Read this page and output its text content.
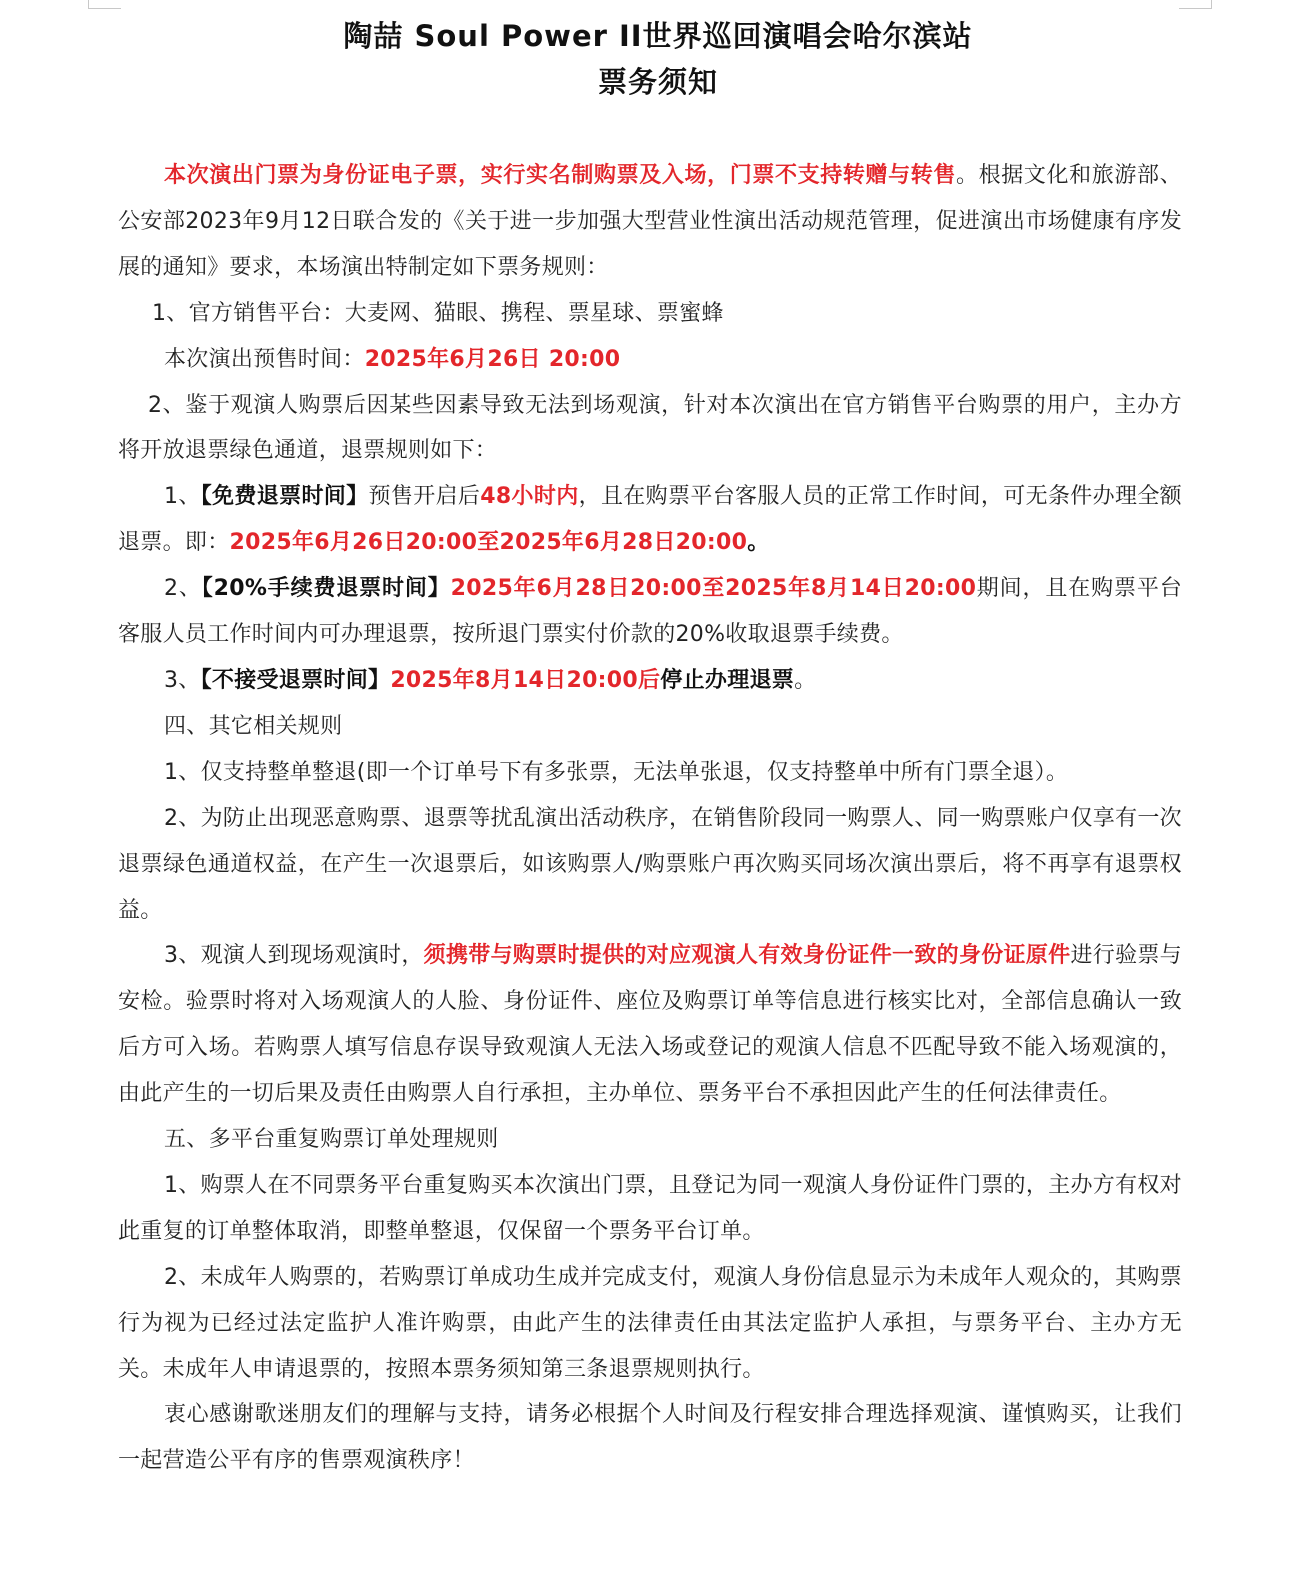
陶喆 Soul Power II世界巡回演唱会哈尔滨站
票务须知

本次演出门票为身份证电子票，实行实名制购票及入场，门票不支持转赠与转售。根据文化和旅游部、公安部2023年9月12日联合发的《关于进一步加强大型营业性演出活动规范管理，促进演出市场健康有序发展的通知》要求，本场演出特制定如下票务规则：

1、官方销售平台：大麦网、猫眼、携程、票星球、票蜜蜂

本次演出预售时间：2025年6月26日 20:00

2、鉴于观演人购票后因某些因素导致无法到场观演，针对本次演出在官方销售平台购票的用户，主办方将开放退票绿色通道，退票规则如下：

1、【免费退票时间】预售开启后48小时内，且在购票平台客服人员的正常工作时间，可无条件办理全额退票。即：2025年6月26日20:00至2025年6月28日20:00。

2、【20%手续费退票时间】2025年6月28日20:00至2025年8月14日20:00期间，且在购票平台客服人员工作时间内可办理退票，按所退门票实付价款的20%收取退票手续费。

3、【不接受退票时间】2025年8月14日20:00后停止办理退票。

四、其它相关规则

1、仅支持整单整退(即一个订单号下有多张票，无法单张退，仅支持整单中所有门票全退）。

2、为防止出现恶意购票、退票等扰乱演出活动秩序，在销售阶段同一购票人、同一购票账户仅享有一次退票绿色通道权益，在产生一次退票后，如该购票人/购票账户再次购买同场次演出票后，将不再享有退票权益。

3、观演人到现场观演时，须携带与购票时提供的对应观演人有效身份证件一致的身份证原件进行验票与安检。验票时将对入场观演人的人脸、身份证件、座位及购票订单等信息进行核实比对，全部信息确认一致后方可入场。若购票人填写信息存误导致观演人无法入场或登记的观演人信息不匹配导致不能入场观演的，由此产生的一切后果及责任由购票人自行承担，主办单位、票务平台不承担因此产生的任何法律责任。

五、多平台重复购票订单处理规则

1、购票人在不同票务平台重复购买本次演出门票，且登记为同一观演人身份证件门票的，主办方有权对此重复的订单整体取消，即整单整退，仅保留一个票务平台订单。

2、未成年人购票的，若购票订单成功生成并完成支付，观演人身份信息显示为未成年人观众的，其购票行为视为已经过法定监护人准许购票，由此产生的法律责任由其法定监护人承担，与票务平台、主办方无关。未成年人申请退票的，按照本票务须知第三条退票规则执行。

衷心感谢歌迷朋友们的理解与支持，请务必根据个人时间及行程安排合理选择观演、谨慎购买，让我们一起营造公平有序的售票观演秩序！
